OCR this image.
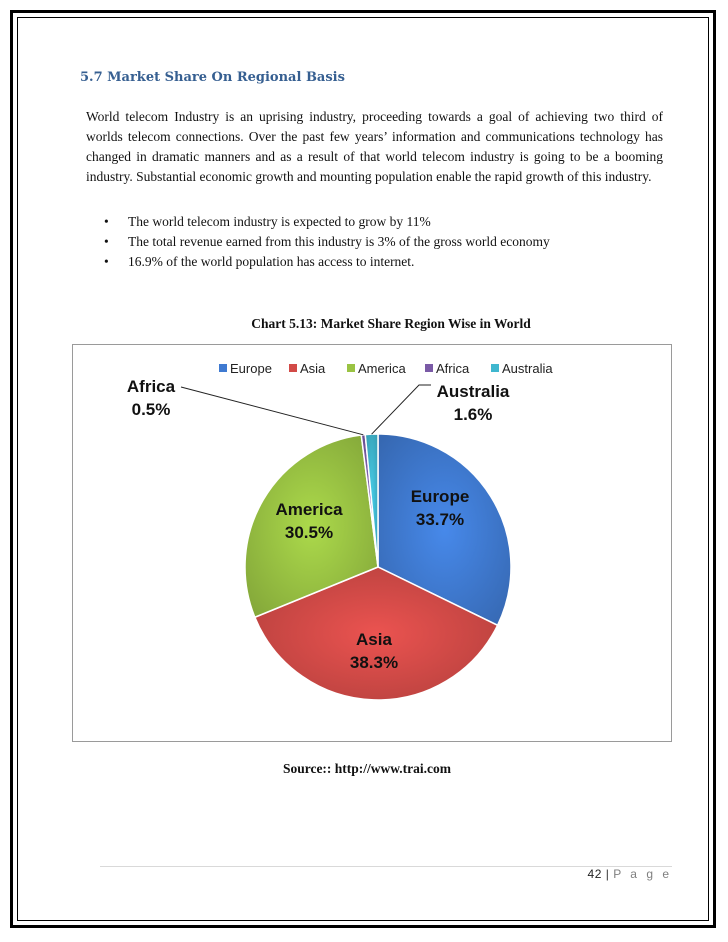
5.7 Market Share On Regional Basis

World telecom Industry is an uprising industry, proceeding towards a goal of achieving two third of worlds telecom connections. Over the past few years’ information and communications technology has changed in dramatic manners and as a result of that world telecom industry is going to be a booming industry. Substantial economic growth and mounting population enable the rapid growth of this industry.

• The world telecom industry is expected to grow by 11%
• The total revenue earned from this industry is 3% of the gross world economy
• 16.9% of the world population has access to internet.

Chart 5.13: Market Share Region Wise in World

Europe Asia	America Africa	Australia
Europe
33.7%
Asia
38.3%
America
30.5%
Africa
0.5%
Australia
1.6%

Source:: http://www.trai.com

42 | P a g e
